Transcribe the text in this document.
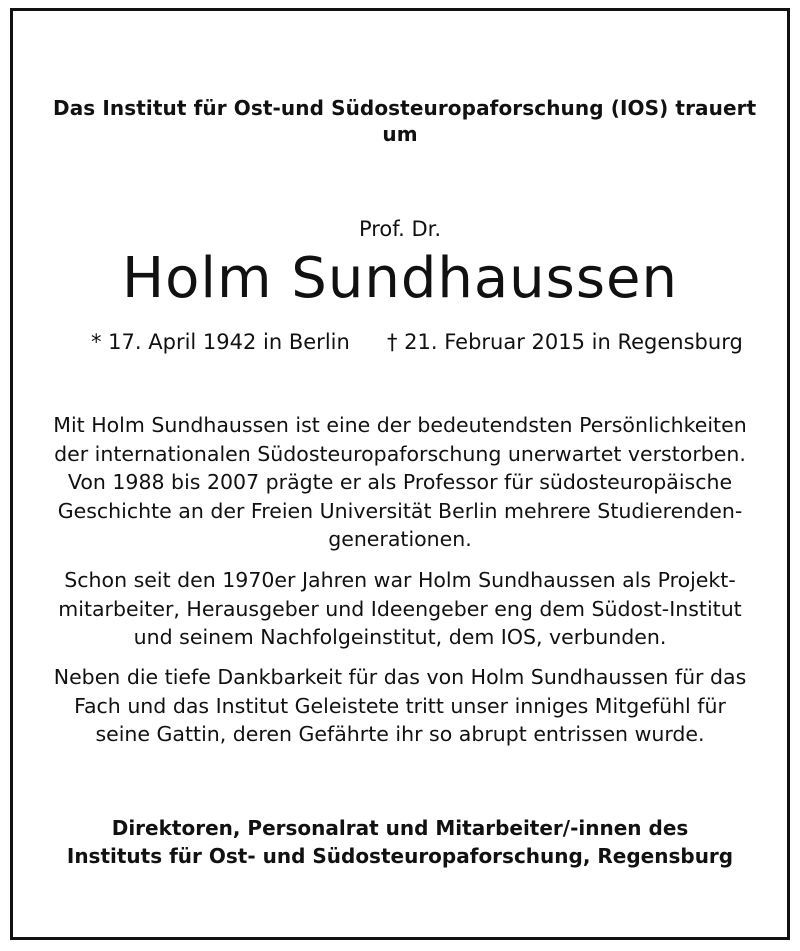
Das Institut für Ost-und Südosteuropaforschung (IOS) trauert
um
Prof. Dr.
Holm Sundhaussen
* 17. April 1942 in Berlin † 21. Februar 2015 in Regensburg
Mit Holm Sundhaussen ist eine der bedeutendsten Persönlichkeiten
der internationalen Südosteuropaforschung unerwartet verstorben.
Von 1988 bis 2007 prägte er als Professor für südosteuropäische
Geschichte an der Freien Universität Berlin mehrere Studierenden-
generationen.
Schon seit den 1970er Jahren war Holm Sundhaussen als Projekt-
mitarbeiter, Herausgeber und Ideengeber eng dem Südost-Institut
und seinem Nachfolgeinstitut, dem IOS, verbunden.
Neben die tiefe Dankbarkeit für das von Holm Sundhaussen für das
Fach und das Institut Geleistete tritt unser inniges Mitgefühl für
seine Gattin, deren Gefährte ihr so abrupt entrissen wurde.
Direktoren, Personalrat und Mitarbeiter/-innen des
Instituts für Ost- und Südosteuropaforschung, Regensburg
